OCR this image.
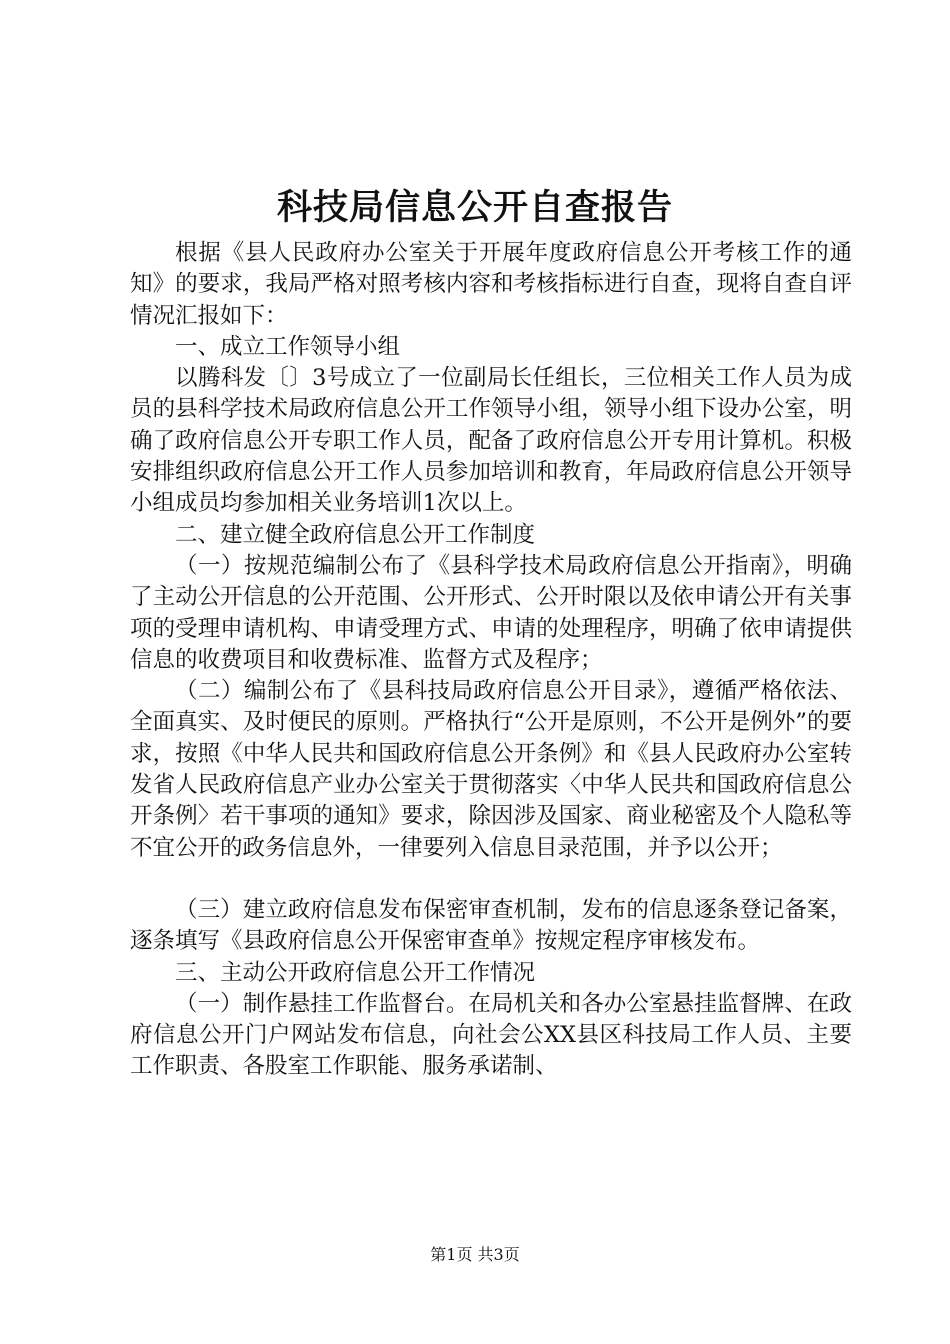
科技局信息公开自查报告

根据《县人民政府办公室关于开展年度政府信息公开考核工作的通知》的要求，我局严格对照考核内容和考核指标进行自查，现将自查自评情况汇报如下：

一、成立工作领导小组

以腾科发〔〕3号成立了一位副局长任组长，三位相关工作人员为成员的县科学技术局政府信息公开工作领导小组，领导小组下设办公室，明确了政府信息公开专职工作人员，配备了政府信息公开专用计算机。积极安排组织政府信息公开工作人员参加培训和教育，年局政府信息公开领导小组成员均参加相关业务培训1次以上。

二、建立健全政府信息公开工作制度

（一）按规范编制公布了《县科学技术局政府信息公开指南》，明确了主动公开信息的公开范围、公开形式、公开时限以及依申请公开有关事项的受理申请机构、申请受理方式、申请的处理程序，明确了依申请提供信息的收费项目和收费标准、监督方式及程序；

（二）编制公布了《县科技局政府信息公开目录》，遵循严格依法、全面真实、及时便民的原则。严格执行“公开是原则，不公开是例外”的要求，按照《中华人民共和国政府信息公开条例》和《县人民政府办公室转发省人民政府信息产业办公室关于贯彻落实〈中华人民共和国政府信息公开条例〉若干事项的通知》要求，除因涉及国家、商业秘密及个人隐私等不宜公开的政务信息外，一律要列入信息目录范围，并予以公开；

（三）建立政府信息发布保密审查机制，发布的信息逐条登记备案，逐条填写《县政府信息公开保密审查单》按规定程序审核发布。

三、主动公开政府信息公开工作情况

（一）制作悬挂工作监督台。在局机关和各办公室悬挂监督牌、在政府信息公开门户网站发布信息，向社会公XX县区科技局工作人员、主要工作职责、各股室工作职能、服务承诺制、

第1页 共3页
